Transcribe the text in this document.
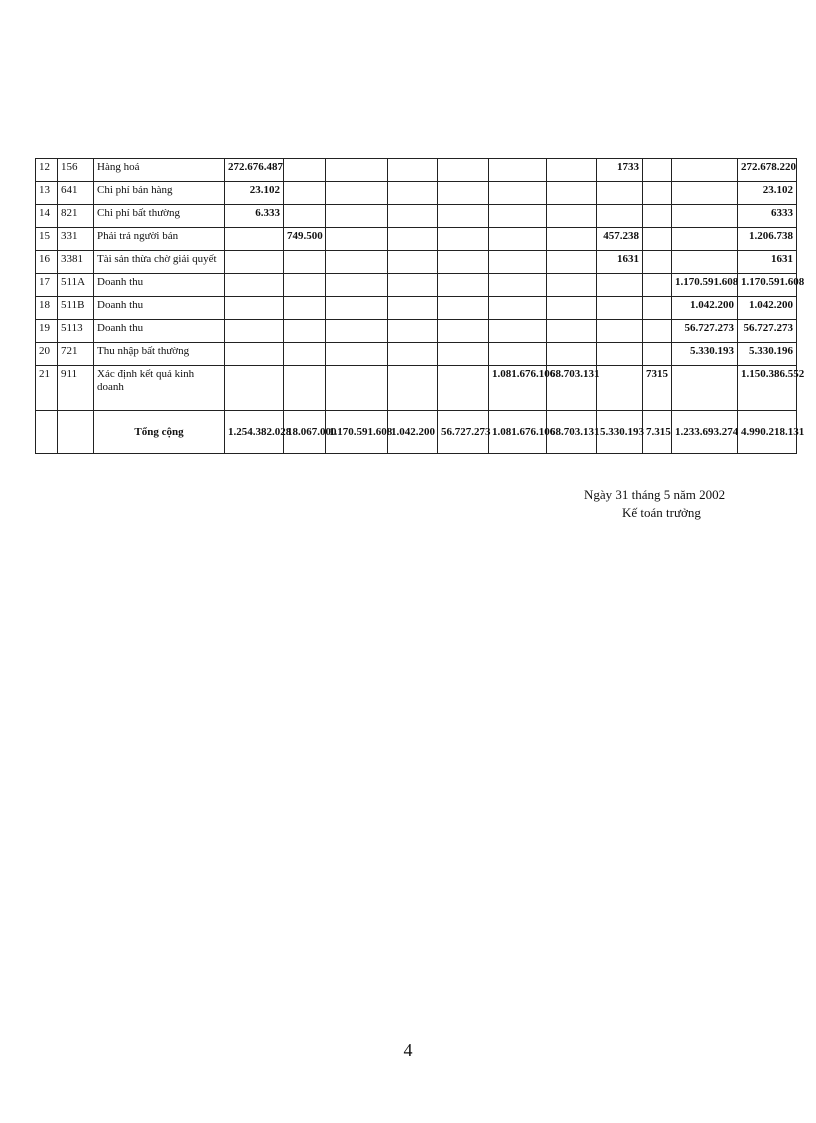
12	156	Hàng hoá	272.676.487							1733			272.678.220
13	641	Chi phí bán hàng	23.102										23.102
14	821	Chi phí bất thường	6.333										6333
15	331	Phải trả người bán		749.500						457.238			1.206.738
16	3381	Tài sản thừa chờ giải quyết								1631			1631
17	511A	Doanh thu										1.170.591.608	1.170.591.608
18	511B	Doanh thu										1.042.200	1.042.200
19	5113	Doanh thu										56.727.273	56.727.273
20	721	Thu nhập bất thường										5.330.193	5.330.196
21	911	Xác định kết quả kinh doanh						1.081.676.106	68.703.131		7315		1.150.386.552
		Tổng cộng	1.254.382.028	18.067.000	1.170.591.608	1.042.200	56.727.273	1.081.676.106	68.703.131	5.330.193	7.315	1.233.693.274	4.990.218.131
Ngày 31 tháng 5 năm 2002
Kế toán trưởng
4
